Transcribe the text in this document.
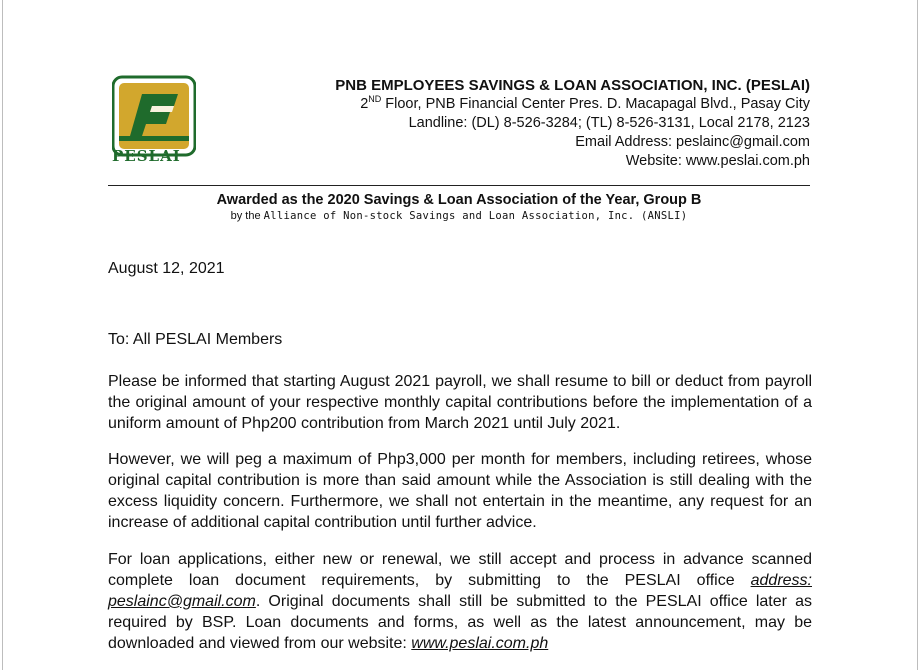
PESLAI
PNB EMPLOYEES SAVINGS & LOAN ASSOCIATION, INC. (PESLAI)
2ND Floor, PNB Financial Center Pres. D. Macapagal Blvd., Pasay City
Landline: (DL) 8-526-3284; (TL) 8-526-3131, Local 2178, 2123
Email Address: peslainc@gmail.com
Website: www.peslai.com.ph
Awarded as the 2020 Savings & Loan Association of the Year, Group B
by the Alliance of Non-stock Savings and Loan Association, Inc. (ANSLI)
August 12, 2021
To: All PESLAI Members
Please be informed that starting August 2021 payroll, we shall resume to bill or deduct from payroll the original amount of your respective monthly capital contributions before the implementation of a uniform amount of Php200 contribution from March 2021 until July 2021.
However, we will peg a maximum of Php3,000 per month for members, including retirees, whose original capital contribution is more than said amount while the Association is still dealing with the excess liquidity concern. Furthermore, we shall not entertain in the meantime, any request for an increase of additional capital contribution until further advice.
For loan applications, either new or renewal, we still accept and process in advance scanned complete loan document requirements, by submitting to the PESLAI office address: peslainc@gmail.com. Original documents shall still be submitted to the PESLAI office later as required by BSP. Loan documents and forms, as well as the latest announcement, may be downloaded and viewed from our website: www.peslai.com.ph
